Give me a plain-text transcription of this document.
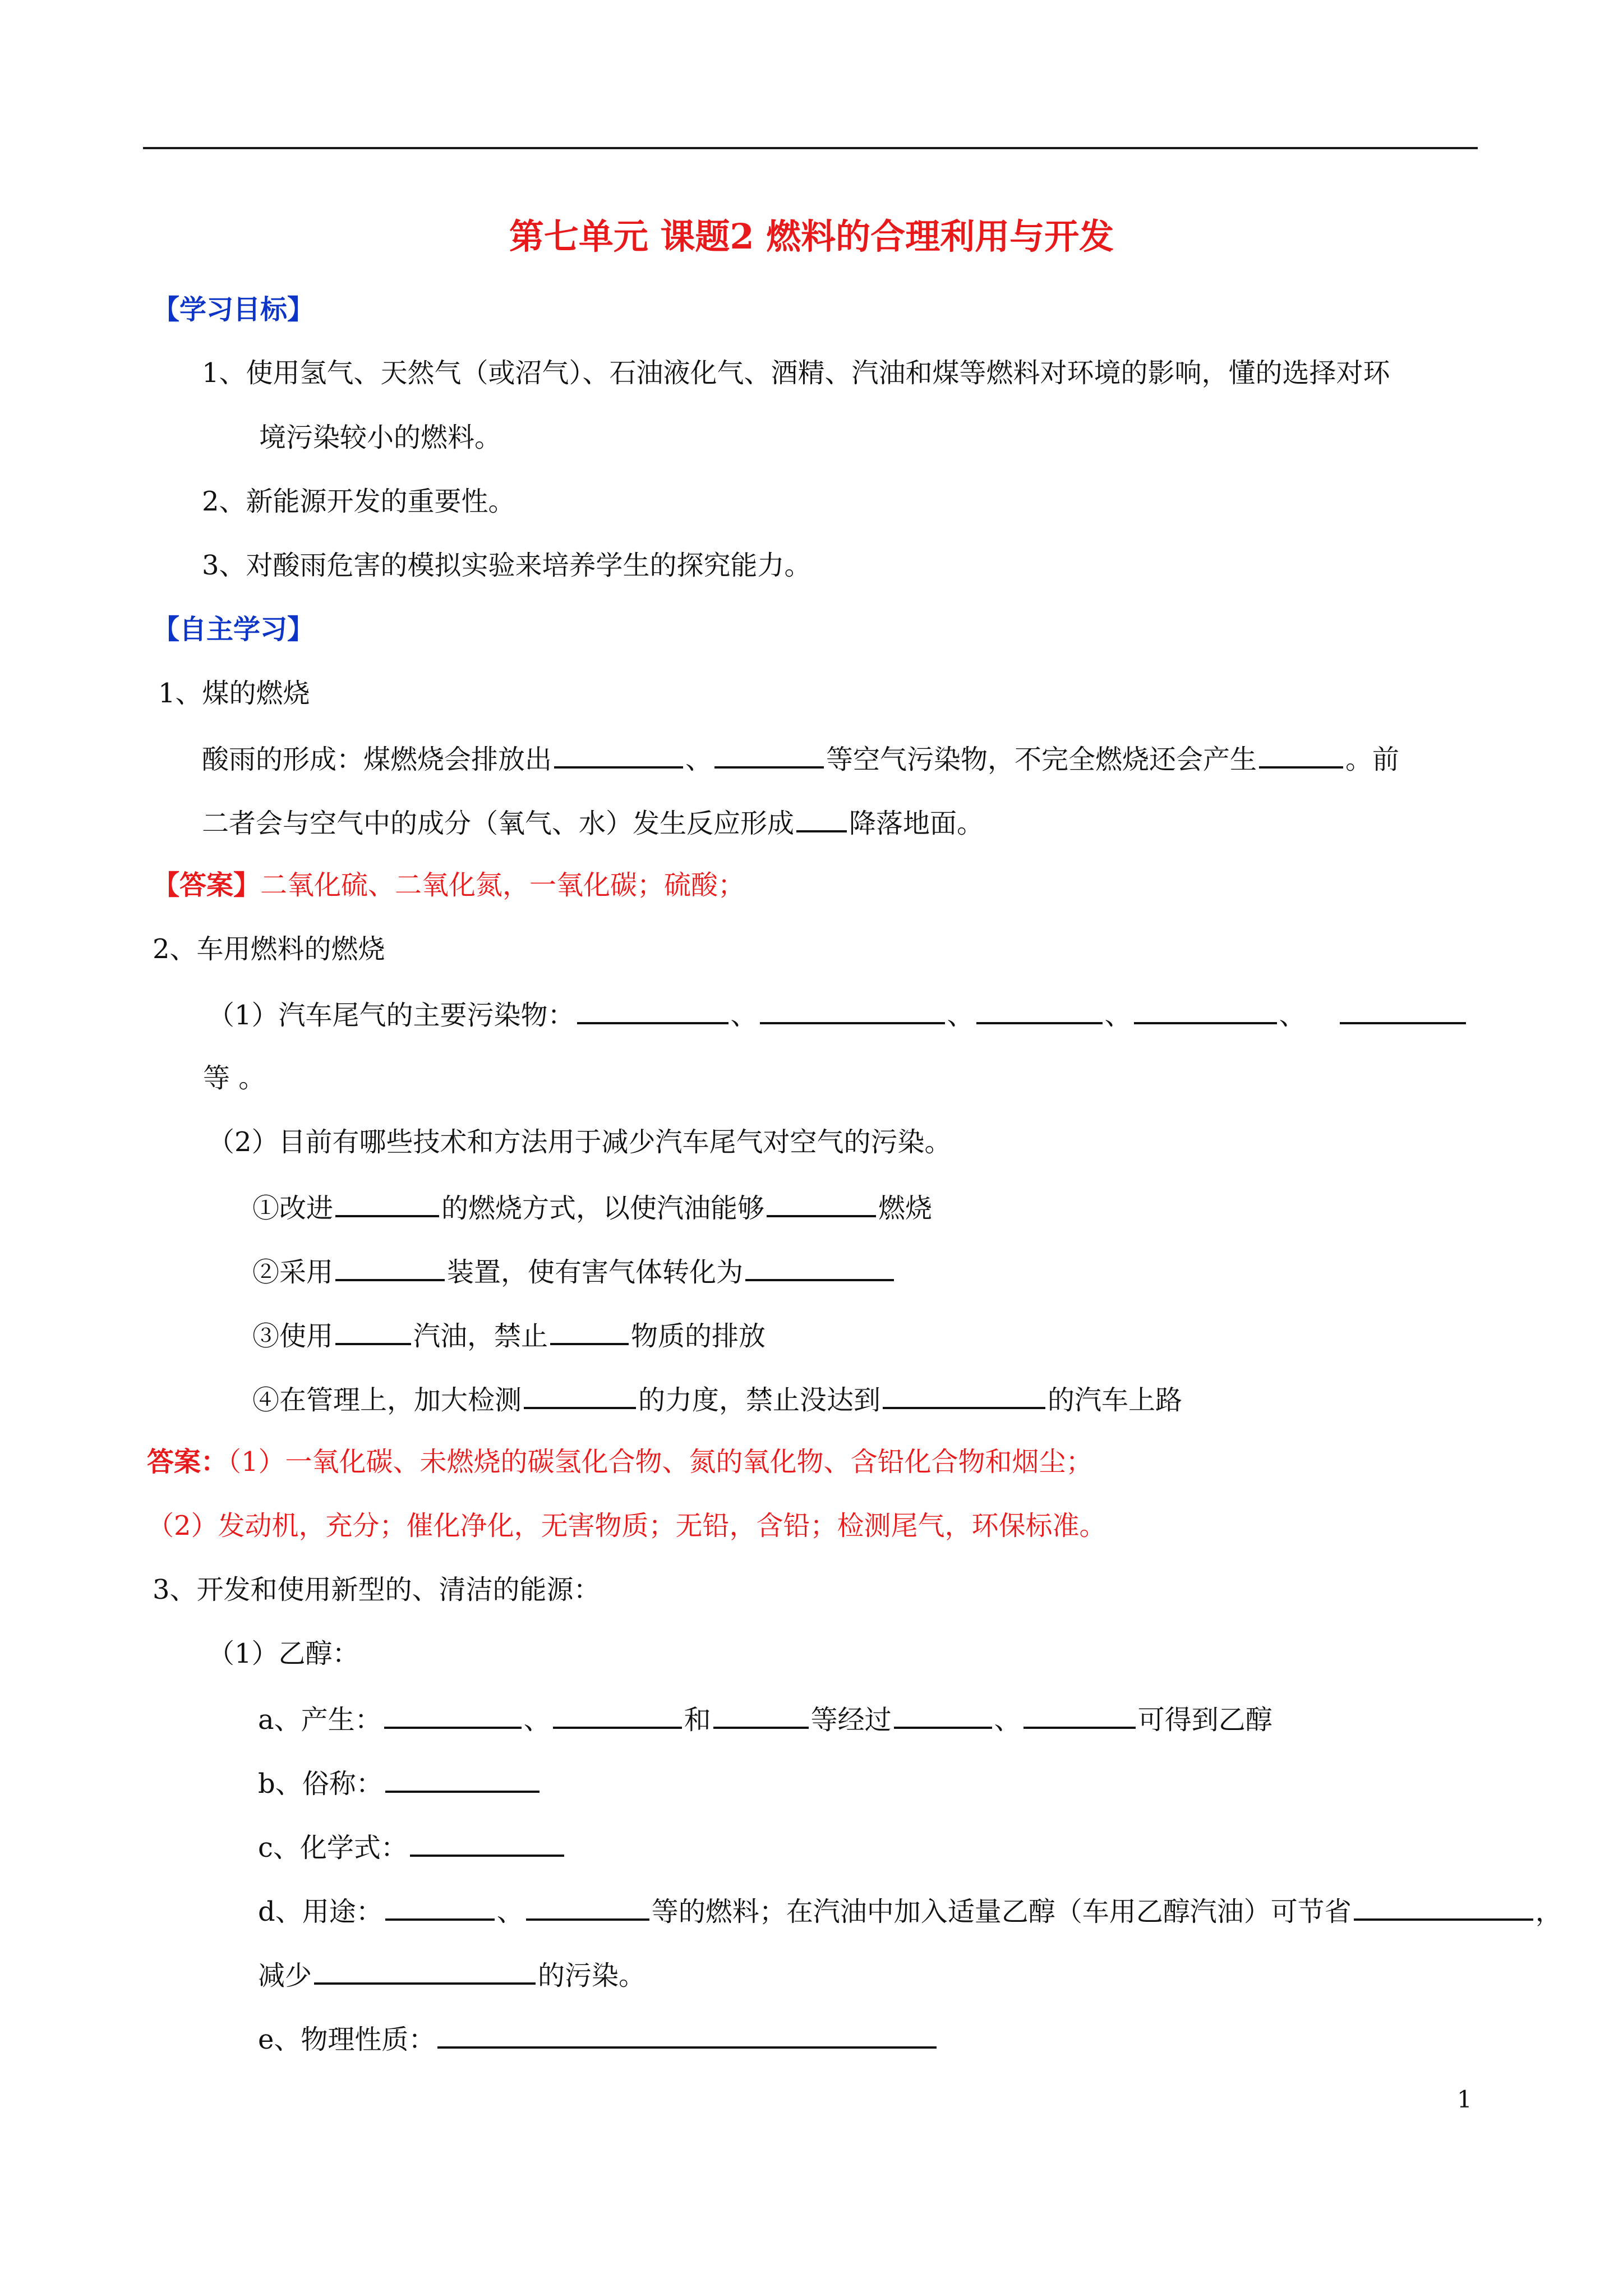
第七单元 课题2 燃料的合理利用与开发
【学习目标】
1、使用氢气、天然气（或沼气）、石油液化气、酒精、汽油和煤等燃料对环境的影响，懂的选择对环
境污染较小的燃料。
2、新能源开发的重要性。
3、对酸雨危害的模拟实验来培养学生的探究能力。
【自主学习】
1、煤的燃烧
酸雨的形成：煤燃烧会排放出	、	等空气污染物，不完全燃烧还会产生	。前
二者会与空气中的成分（氧气、水）发生反应形成 降落地面。
【答案】二氧化硫、二氧化氮，一氧化碳；硫酸；
2、车用燃料的燃烧
（1）汽车尾气的主要污染物：	、	、	、	、
等 。
（2）目前有哪些技术和方法用于减少汽车尾气对空气的污染。
①改进	的燃烧方式，以使汽油能够	燃烧
②采用	装置，使有害气体转化为
③使用	汽油，禁止	物质的排放
④在管理上，加大检测	的力度，禁止没达到	的汽车上路
答案：（1）一氧化碳、未燃烧的碳氢化合物、氮的氧化物、含铅化合物和烟尘；
（2）发动机，充分；催化净化，无害物质；无铅，含铅；检测尾气，环保标准。
3、开发和使用新型的、清洁的能源：
（1）乙醇：
a、产生：	、	和	等经过	、	可得到乙醇
b、俗称：
c、化学式：
d、用途：	、	等的燃料；在汽油中加入适量乙醇（车用乙醇汽油）可节省	，
减少	的污染。
e、物理性质：
1
